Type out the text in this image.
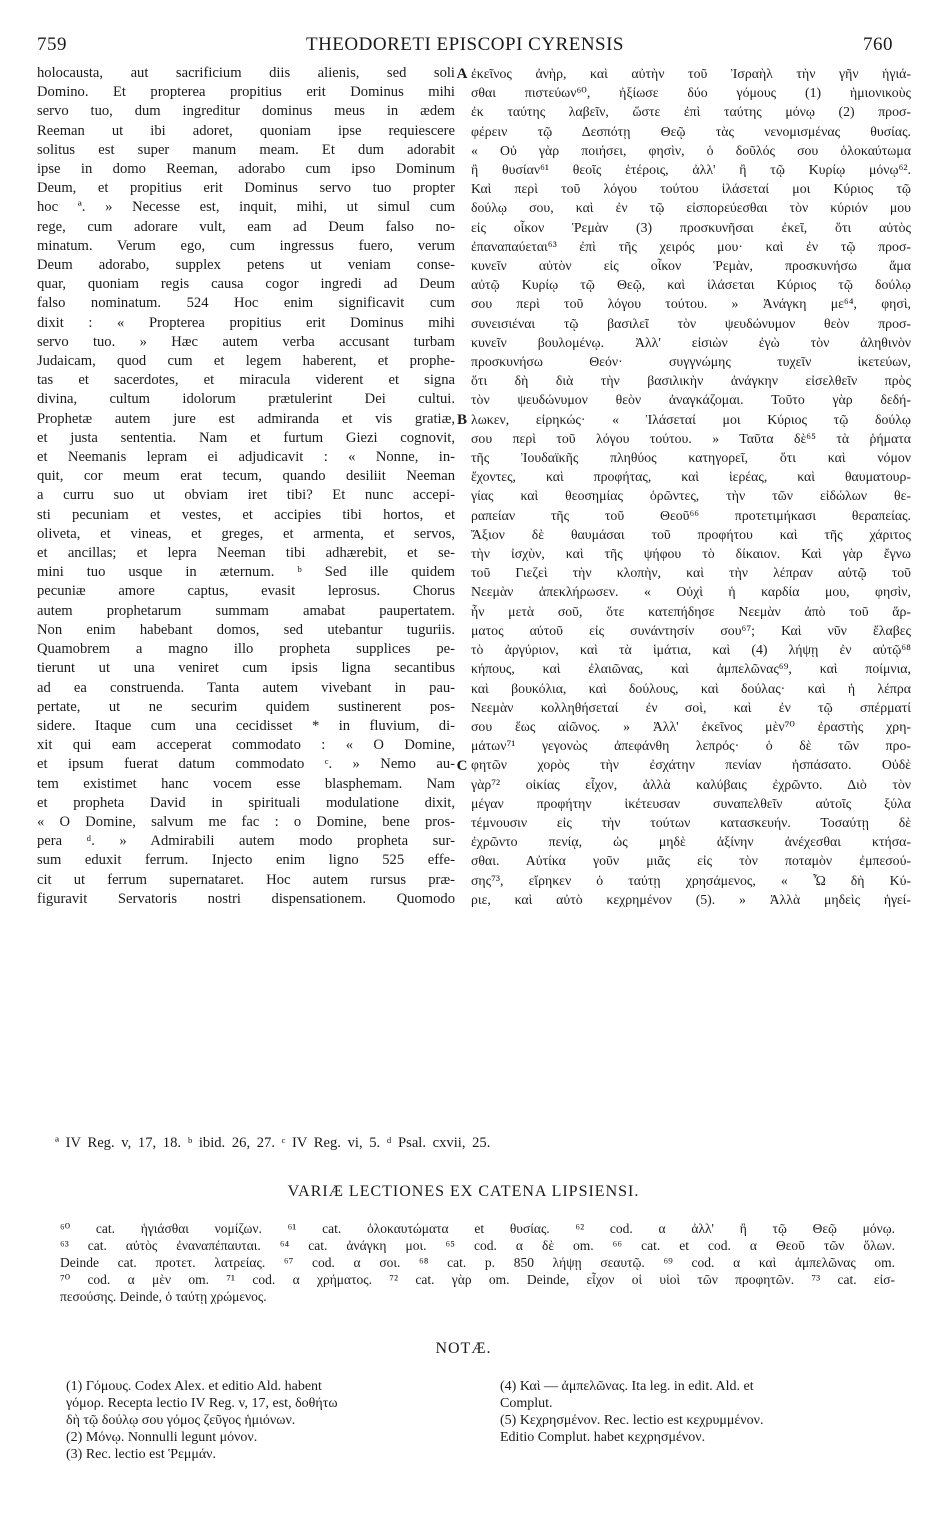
759	THEODORETI EPISCOPI CYRENSIS	760
holocausta, aut sacrificium diis alienis, sed soli
Domino. Et propterea propitius erit Dominus mihi
servo tuo, dum ingreditur dominus meus in ædem
Reeman ut ibi adoret, quoniam ipse requiescere
solitus est super manum meam. Et dum adorabit
ipse in domo Reeman, adorabo cum ipso Dominum
Deum, et propitius erit Dominus servo tuo propter
hoc ª. » Necesse est, inquit, mihi, ut simul cum
rege, cum adorare vult, eam ad Deum falso no-
minatum. Verum ego, cum ingressus fuero, verum
Deum adorabo, supplex petens ut veniam conse-
quar, quoniam regis causa cogor ingredi ad Deum
falso nominatum. 524 Hoc enim significavit cum
dixit : « Propterea propitius erit Dominus mihi
servo tuo. » Hæc autem verba accusant turbam
Judaicam, quod cum et legem haberent, et prophe-
tas et sacerdotes, et miracula viderent et signa
divina, cultum idolorum prætulerint Dei cultui.
Prophetæ autem jure est admiranda et vis gratiæ,
et justa sententia. Nam et furtum Giezi cognovit,
et Neemanis lepram ei adjudicavit : « Nonne, in-
quit, cor meum erat tecum, quando desiliit Neeman
a curru suo ut obviam iret tibi? Et nunc accepi-
sti pecuniam et vestes, et accipies tibi hortos, et
oliveta, et vineas, et greges, et armenta, et servos,
et ancillas; et lepra Neeman tibi adhærebit, et se-
mini tuo usque in æternum. ᵇ Sed ille quidem
pecuniæ amore captus, evasit leprosus. Chorus
autem prophetarum summam amabat paupertatem.
Non enim habebant domos, sed utebantur tuguriis.
Quamobrem a magno illo propheta supplices pe-
tierunt ut una veniret cum ipsis ligna secantibus
ad ea construenda. Tanta autem vivebant in pau-
pertate, ut ne securim quidem sustinerent pos-
sidere. Itaque cum una cecidisset * in fluvium, di-
xit qui eam acceperat commodato : « O Domine,
et ipsum fuerat datum commodato ᶜ. » Nemo au-
tem existimet hanc vocem esse blasphemam. Nam
et propheta David in spirituali modulatione dixit,
« O Domine, salvum me fac : o Domine, bene pros-
pera ᵈ. » Admirabili autem modo propheta sur-
sum eduxit ferrum. Injecto enim ligno 525 effe-
cit ut ferrum supernataret. Hoc autem rursus præ-
figuravit Servatoris nostri dispensationem. Quomodo
ἐκεῖνος ἀνὴρ, καὶ αὐτὴν τοῦ Ἰσραὴλ τὴν γῆν ἡγιά-
σθαι πιστεύων⁶⁰, ἠξίωσε δύο γόμους (1) ἡμιονικοὺς
ἐκ ταύτης λαβεῖν, ὥστε ἐπὶ ταύτης μόνῳ (2) προσ-
φέρειν τῷ Δεσπότῃ Θεῷ τὰς νενομισμένας θυσίας.
« Οὐ γὰρ ποιήσει, φησὶν, ὁ δοῦλός σου ὁλοκαύτωμα
ἢ θυσίαν⁶¹ θεοῖς ἑτέροις, ἀλλ' ἢ τῷ Κυρίῳ μόνῳ⁶².
Καὶ περὶ τοῦ λόγου τούτου ἱλάσεταί μοι Κύριος τῷ
δούλῳ σου, καὶ ἐν τῷ εἰσπορεύεσθαι τὸν κύριόν μου
εἰς οἶκον Ῥεμὰν (3) προσκυνῆσαι ἐκεῖ, ὅτι αὐτὸς
ἐπαναπαύεται⁶³ ἐπὶ τῆς χειρός μου· καὶ ἐν τῷ προσ-
κυνεῖν αὐτὸν εἰς οἶκον Ῥεμὰν, προσκυνήσω ἅμα
αὐτῷ Κυρίῳ τῷ Θεῷ, καὶ ἱλάσεται Κύριος τῷ δούλῳ
σου περὶ τοῦ λόγου τούτου. » Ἀνάγκη με⁶⁴, φησὶ,
συνεισιέναι τῷ βασιλεῖ τὸν ψευδώνυμον θεὸν προσ-
κυνεῖν βουλομένῳ. Ἀλλ' εἰσιὼν ἐγὼ τὸν ἀληθινὸν
προσκυνήσω Θεόν· συγγνώμης τυχεῖν ἱκετεύων,
ὅτι δὴ διὰ τὴν βασιλικὴν ἀνάγκην εἰσελθεῖν πρὸς
τὸν ψευδώνυμον θεὸν ἀναγκάζομαι. Τοῦτο γὰρ δεδή-
λωκεν, εἰρηκώς· « Ἱλάσεταί μοι Κύριος τῷ δούλῳ
σου περὶ τοῦ λόγου τούτου. » Ταῦτα δὲ⁶⁵ τὰ ῥήματα
τῆς Ἰουδαϊκῆς πληθύος κατηγορεῖ, ὅτι καὶ νόμον
ἔχοντες, καὶ προφήτας, καὶ ἱερέας, καὶ θαυματουρ-
γίας καὶ θεοσημίας ὁρῶντες, τὴν τῶν εἰδώλων θε-
ραπείαν τῆς τοῦ Θεοῦ⁶⁶ προτετιμήκασι θεραπείας.
Ἄξιον δὲ θαυμάσαι τοῦ προφήτου καὶ τῆς χάριτος
τὴν ἰσχὺν, καὶ τῆς ψήφου τὸ δίκαιον. Καὶ γὰρ ἔγνω
τοῦ Γιεζεὶ τὴν κλοπὴν, καὶ τὴν λέπραν αὐτῷ τοῦ
Νεεμὰν ἀπεκλήρωσεν. « Οὐχὶ ἡ καρδία μου, φησὶν,
ἦν μετὰ σοῦ, ὅτε κατεπήδησε Νεεμὰν ἀπὸ τοῦ ἅρ-
ματος αὐτοῦ εἰς συνάντησίν σου⁶⁷; Καὶ νῦν ἔλαβες
τὸ ἀργύριον, καὶ τὰ ἱμάτια, καὶ (4) λήψῃ ἐν αὐτῷ⁶⁸
κήπους, καὶ ἐλαιῶνας, καὶ ἀμπελῶνας⁶⁹, καὶ ποίμνια,
καὶ βουκόλια, καὶ δούλους, καὶ δούλας· καὶ ἡ λέπρα
Νεεμὰν κολληθήσεταί ἐν σοὶ, καὶ ἐν τῷ σπέρματί
σου ἕως αἰῶνος. » Ἀλλ' ἐκεῖνος μὲν⁷⁰ ἐραστὴς χρη-
μάτων⁷¹ γεγονὼς ἀπεφάνθη λεπρός· ὁ δὲ τῶν προ-
φητῶν χορὸς τὴν ἐσχάτην πενίαν ἠσπάσατο. Οὐδὲ
γὰρ⁷² οἰκίας εἶχον, ἀλλὰ καλύβαις ἐχρῶντο. Διὸ τὸν
μέγαν προφήτην ἱκέτευσαν συναπελθεῖν αὐτοῖς ξύλα
τέμνουσιν εἰς τὴν τούτων κατασκευήν. Τοσαύτῃ δὲ
ἐχρῶντο πενίᾳ, ὡς μηδὲ ἀξίνην ἀνέχεσθαι κτήσα-
σθαι. Αὐτίκα γοῦν μιᾶς εἰς τὸν ποταμὸν ἐμπεσού-
σης⁷³, εἴρηκεν ὁ ταύτῃ χρησάμενος, « Ὦ δὴ Κύ-
ριε, καὶ αὐτὸ κεχρημένον (5). » Ἀλλὰ μηδεὶς ἡγεί-
A
B
C
ª IV Reg. v, 17, 18. ᵇ ibid. 26, 27. ᶜ IV Reg. vi, 5. ᵈ Psal. cxvii, 25.
VARIÆ LECTIONES EX CATENA LIPSIENSI.
⁶⁰ cat. ἡγιάσθαι νομίζων. ⁶¹ cat. ὁλοκαυτώματα et θυσίας. ⁶² cod. α ἀλλ' ἢ τῷ Θεῷ μόνῳ.
⁶³ cat. αὐτὸς ἐναναπέπαυται. ⁶⁴ cat. ἀνάγκη μοι. ⁶⁵ cod. α δὲ om. ⁶⁶ cat. et cod. α Θεοῦ τῶν ὅλων.
Deinde cat. προτετ. λατρείας. ⁶⁷ cod. α σοι. ⁶⁸ cat. p. 850 λήψῃ σεαυτῷ. ⁶⁹ cod. α καὶ ἀμπελῶνας om.
⁷⁰ cod. α μὲν om. ⁷¹ cod. α χρήματος. ⁷² cat. γὰρ om. Deinde, εἶχον οἱ υἱοὶ τῶν προφητῶν. ⁷³ cat. εἰσ-
πεσούσης. Deinde, ὁ ταύτῃ χρώμενος.
NOTÆ.
(1) Γόμους. Codex Alex. et editio Ald. habent
γόμορ. Recepta lectio IV Reg. v, 17, est, δοθήτω
δὴ τῷ δούλῳ σου γόμος ζεῦγος ἡμιόνων.
(2) Μόνῳ. Nonnulli legunt μόνον.
(3) Rec. lectio est Ῥεμμάν.
(4) Καὶ — ἀμπελῶνας. Ita leg. in edit. Ald. et
Complut.
(5) Κεχρησμένον. Rec. lectio est κεχρυμμένον.
Editio Complut. habet κεχρησμένον.
